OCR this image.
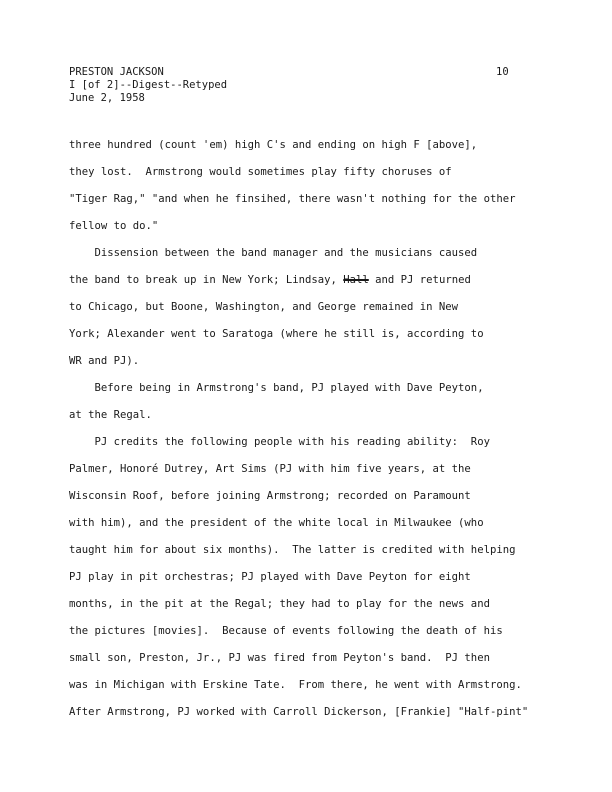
PRESTON JACKSON
I [of 2]--Digest--Retyped
June 2, 1958
10
three hundred (count 'em) high C's and ending on high F [above],
they lost.  Armstrong would sometimes play fifty choruses of
"Tiger Rag," "and when he finsihed, there wasn't nothing for the other
fellow to do."
Dissension between the band manager and the musicians caused
the band to break up in New York; Lindsay, Hall and PJ returned
to Chicago, but Boone, Washington, and George remained in New
York; Alexander went to Saratoga (where he still is, according to
WR and PJ).
Before being in Armstrong's band, PJ played with Dave Peyton,
at the Regal.
PJ credits the following people with his reading ability:  Roy
Palmer, Honoré Dutrey, Art Sims (PJ with him five years, at the
Wisconsin Roof, before joining Armstrong; recorded on Paramount
with him), and the president of the white local in Milwaukee (who
taught him for about six months).  The latter is credited with helping
PJ play in pit orchestras; PJ played with Dave Peyton for eight
months, in the pit at the Regal; they had to play for the news and
the pictures [movies].  Because of events following the death of his
small son, Preston, Jr., PJ was fired from Peyton's band.  PJ then
was in Michigan with Erskine Tate.  From there, he went with Armstrong.
After Armstrong, PJ worked with Carroll Dickerson, [Frankie] "Half-pint"
